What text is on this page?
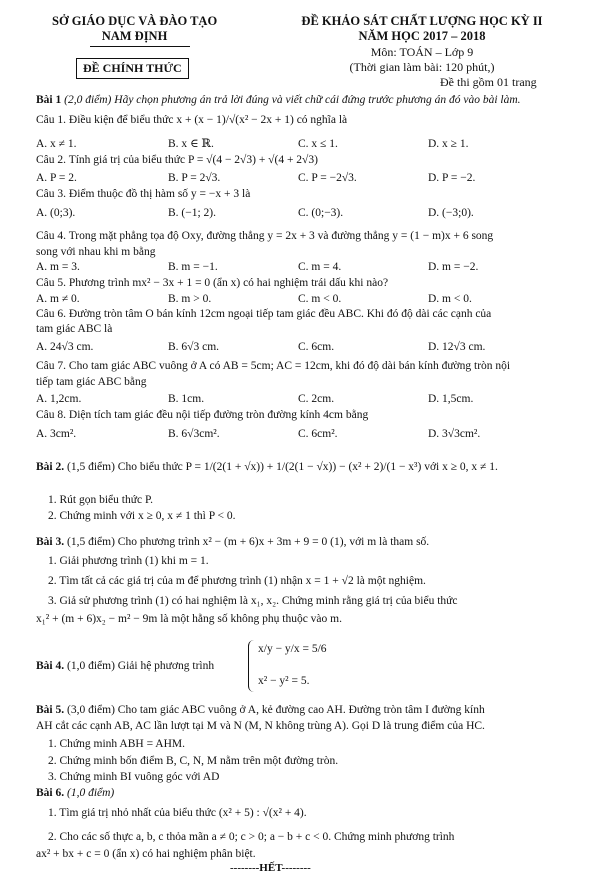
SỞ GIÁO DỤC VÀ ĐÀO TẠO
NAM ĐỊNH
ĐỀ CHÍNH THỨC
ĐỀ KHẢO SÁT CHẤT LƯỢNG HỌC KỲ II
NĂM HỌC 2017 – 2018
Môn: TOÁN – Lớp 9
(Thời gian làm bài: 120 phút,)
Đề thi gồm 01 trang
Bài 1 (2,0 điểm) Hãy chọn phương án trả lời đúng và viết chữ cái đứng trước phương án đó vào bài làm.
Câu 1. Điều kiện để biểu thức x + (x − 1)/√(x² − 2x + 1) có nghĩa là
A. x ≠ 1.	B. x ∈ ℝ.	C. x ≤ 1.	D. x ≥ 1.
Câu 2. Tính giá trị của biểu thức P = √(4 − 2√3) + √(4 + 2√3)
A. P = 2.	B. P = 2√3.	C. P = −2√3.	D. P = −2.
Câu 3. Điểm thuộc đồ thị hàm số y = −x + 3 là
A. (0;3).	B. (−1; 2).	C. (0;−3).	D. (−3;0).
Câu 4. Trong mặt phẳng tọa độ Oxy, đường thẳng y = 2x + 3 và đường thẳng y = (1 − m)x + 6 song
song với nhau khi m bằng
A. m = 3.	B. m = −1.	C. m = 4.	D. m = −2.
Câu 5. Phương trình mx² − 3x + 1 = 0 (ẩn x) có hai nghiệm trái dấu khi nào?
A. m ≠ 0.	B. m > 0.	C. m < 0.	D. m < 0.
Câu 6. Đường tròn tâm O bán kính 12cm ngoại tiếp tam giác đều ABC. Khi đó độ dài các cạnh của
tam giác ABC là
A. 24√3 cm.	B. 6√3 cm.	C. 6cm.	D. 12√3 cm.
Câu 7. Cho tam giác ABC vuông ở A có AB = 5cm; AC = 12cm, khi đó độ dài bán kính đường tròn nội
tiếp tam giác ABC bằng
A. 1,2cm.	B. 1cm.	C. 2cm.	D. 1,5cm.
Câu 8. Diện tích tam giác đều nội tiếp đường tròn đường kính 4cm bằng
A. 3cm².	B. 6√3cm².	C. 6cm².	D. 3√3cm².
Bài 2. (1,5 điểm) Cho biểu thức P = 1/(2(1 + √x)) + 1/(2(1 − √x)) − (x² + 2)/(1 − x³) với x ≥ 0, x ≠ 1.
1. Rút gọn biểu thức P.
2. Chứng minh với x ≥ 0, x ≠ 1 thì P < 0.
Bài 3. (1,5 điểm) Cho phương trình x² − (m + 6)x + 3m + 9 = 0 (1), với m là tham số.
1. Giải phương trình (1) khi m = 1.
2. Tìm tất cả các giá trị của m để phương trình (1) nhận x = 1 + √2 là một nghiệm.
3. Giả sử phương trình (1) có hai nghiệm là x₁, x₂. Chứng minh rằng giá trị của biểu thức
x₁² + (m + 6)x₂ − m² − 9m là một hằng số không phụ thuộc vào m.
Bài 4. (1,0 điểm) Giải hệ phương trình
x/y − y/x = 5/6
x² − y² = 5.
Bài 5. (3,0 điểm) Cho tam giác ABC vuông ở A, kẻ đường cao AH. Đường tròn tâm I đường kính
AH cắt các cạnh AB, AC lần lượt tại M và N (M, N không trùng A). Gọi D là trung điểm của HC.
1. Chứng minh ABH = AHM.
2. Chứng minh bốn điểm B, C, N, M nằm trên một đường tròn.
3. Chứng minh BI vuông góc với AD
Bài 6. (1,0 điểm)
1. Tìm giá trị nhỏ nhất của biểu thức (x² + 5) : √(x² + 4).
2. Cho các số thực a, b, c thỏa mãn a ≠ 0; c > 0; a − b + c < 0. Chứng minh phương trình
ax² + bx + c = 0 (ẩn x) có hai nghiệm phân biệt.
--------HẾT--------
